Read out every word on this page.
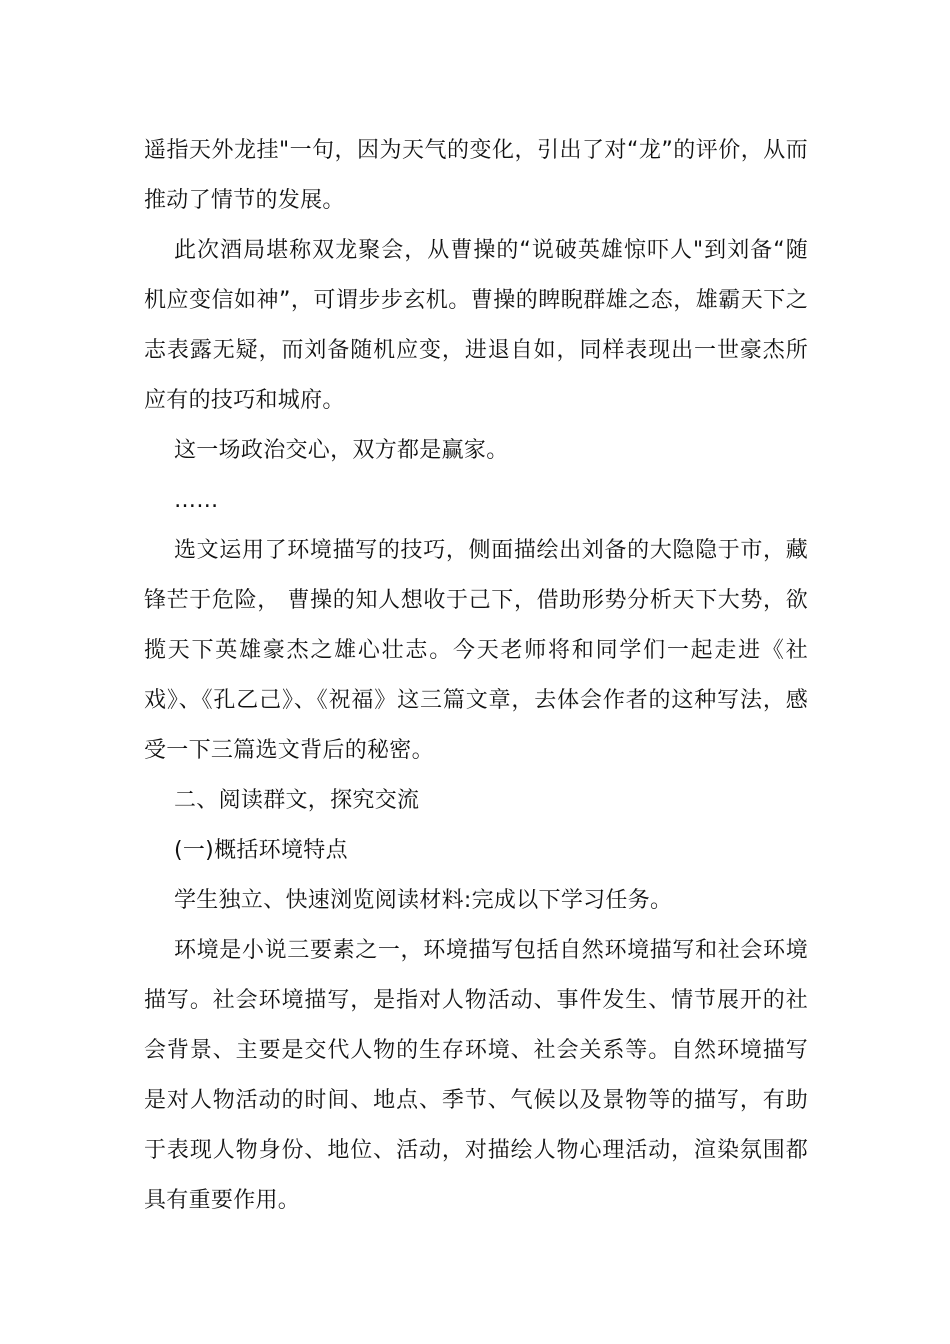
遥指天外龙挂"一句，因为天气的变化，引出了对“龙”的评价，从而推动了情节的发展。

此次酒局堪称双龙聚会，从曹操的“说破英雄惊吓人"到刘备“随机应变信如神”，可谓步步玄机。曹操的睥睨群雄之态，雄霸天下之志表露无疑，而刘备随机应变，进退自如，同样表现出一世豪杰所应有的技巧和城府。

这一场政治交心，双方都是赢家。

……

选文运用了环境描写的技巧，侧面描绘出刘备的大隐隐于市，藏锋芒于危险， 曹操的知人想收于己下，借助形势分析天下大势，欲揽天下英雄豪杰之雄心壮志。今天老师将和同学们一起走进《社戏》、《孔乙己》、《祝福》这三篇文章，去体会作者的这种写法，感受一下三篇选文背后的秘密。

二、阅读群文，探究交流

(一)概括环境特点

学生独立、快速浏览阅读材料:完成以下学习任务。

环境是小说三要素之一，环境描写包括自然环境描写和社会环境描写。社会环境描写，是指对人物活动、事件发生、情节展开的社会背景、主要是交代人物的生存环境、社会关系等。自然环境描写是对人物活动的时间、地点、季节、气候以及景物等的描写，有助于表现人物身份、地位、活动，对描绘人物心理活动，渲染氛围都具有重要作用。
